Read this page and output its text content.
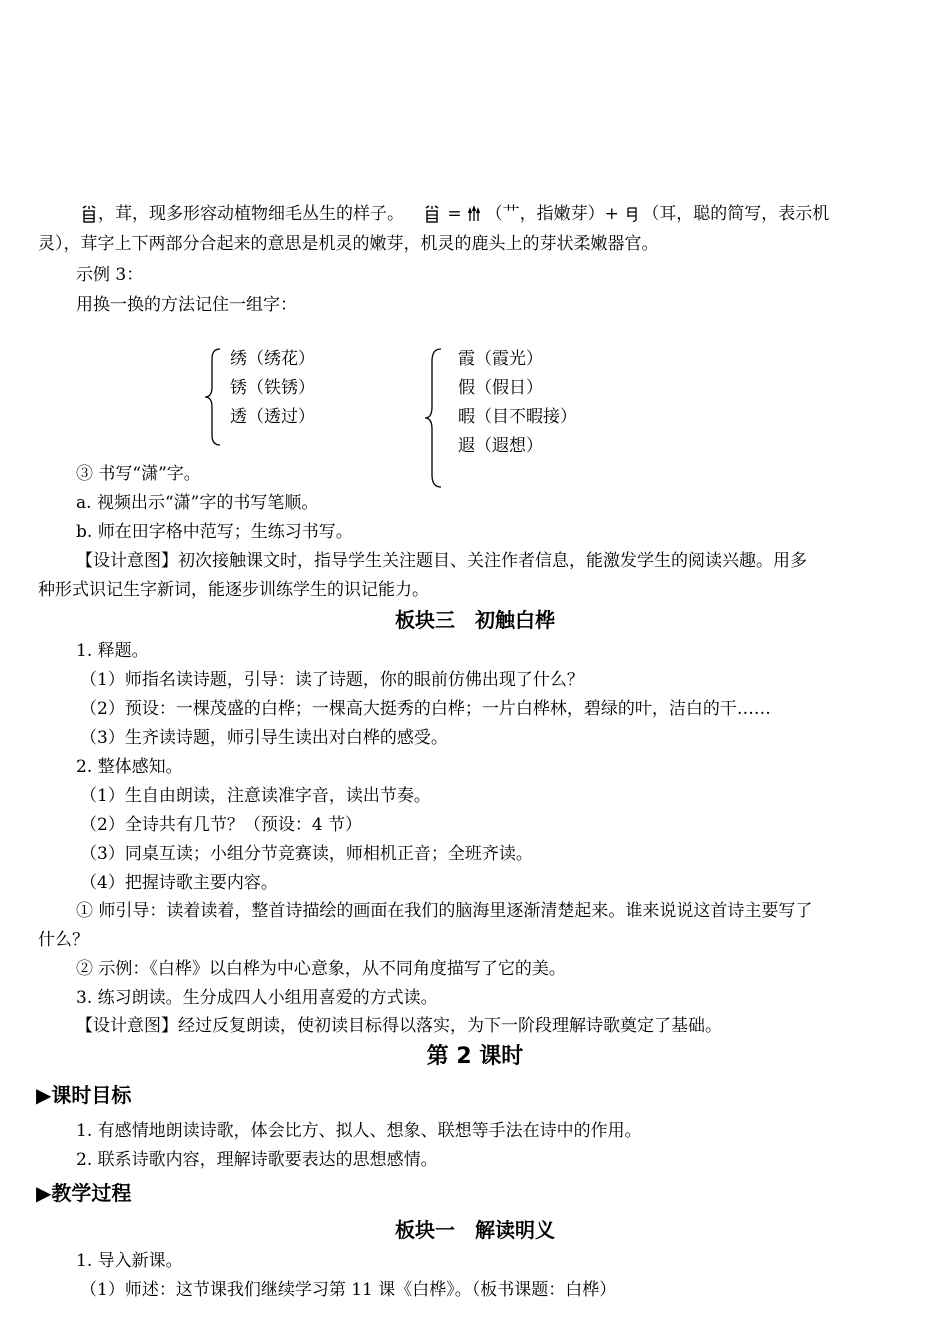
，茸，现多形容动植物细毛丛生的样子。	= （艹，指嫩芽）+ （耳，聪的简写，表示机
灵），茸字上下两部分合起来的意思是机灵的嫩芽，机灵的鹿头上的芽状柔嫩器官。
示例 3：
用换一换的方法记住一组字：
绣（绣花）
锈（铁锈）
透（透过）
霞（霞光）
假（假日）
暇（目不暇接）
遐（遐想）
③ 书写“潇”字。
a. 视频出示“潇”字的书写笔顺。
b. 师在田字格中范写；生练习书写。
【设计意图】初次接触课文时，指导学生关注题目、关注作者信息，能激发学生的阅读兴趣。用多
种形式识记生字新词，能逐步训练学生的识记能力。
板块三　初触白桦
1. 释题。
（1）师指名读诗题，引导：读了诗题，你的眼前仿佛出现了什么？
（2）预设：一棵茂盛的白桦；一棵高大挺秀的白桦；一片白桦林，碧绿的叶，洁白的干……
（3）生齐读诗题，师引导生读出对白桦的感受。
2. 整体感知。
（1）生自由朗读，注意读准字音，读出节奏。
（2）全诗共有几节？（预设：4 节）
（3）同桌互读；小组分节竞赛读，师相机正音；全班齐读。
（4）把握诗歌主要内容。
① 师引导：读着读着，整首诗描绘的画面在我们的脑海里逐渐清楚起来。谁来说说这首诗主要写了
什么？
② 示例：《白桦》以白桦为中心意象，从不同角度描写了它的美。
3. 练习朗读。生分成四人小组用喜爱的方式读。
【设计意图】经过反复朗读，使初读目标得以落实，为下一阶段理解诗歌奠定了基础。
第 2 课时
▶课时目标
1. 有感情地朗读诗歌，体会比方、拟人、想象、联想等手法在诗中的作用。
2. 联系诗歌内容，理解诗歌要表达的思想感情。
▶教学过程
板块一　解读明义
1. 导入新课。
（1）师述：这节课我们继续学习第 11 课《白桦》。（板书课题：白桦）
